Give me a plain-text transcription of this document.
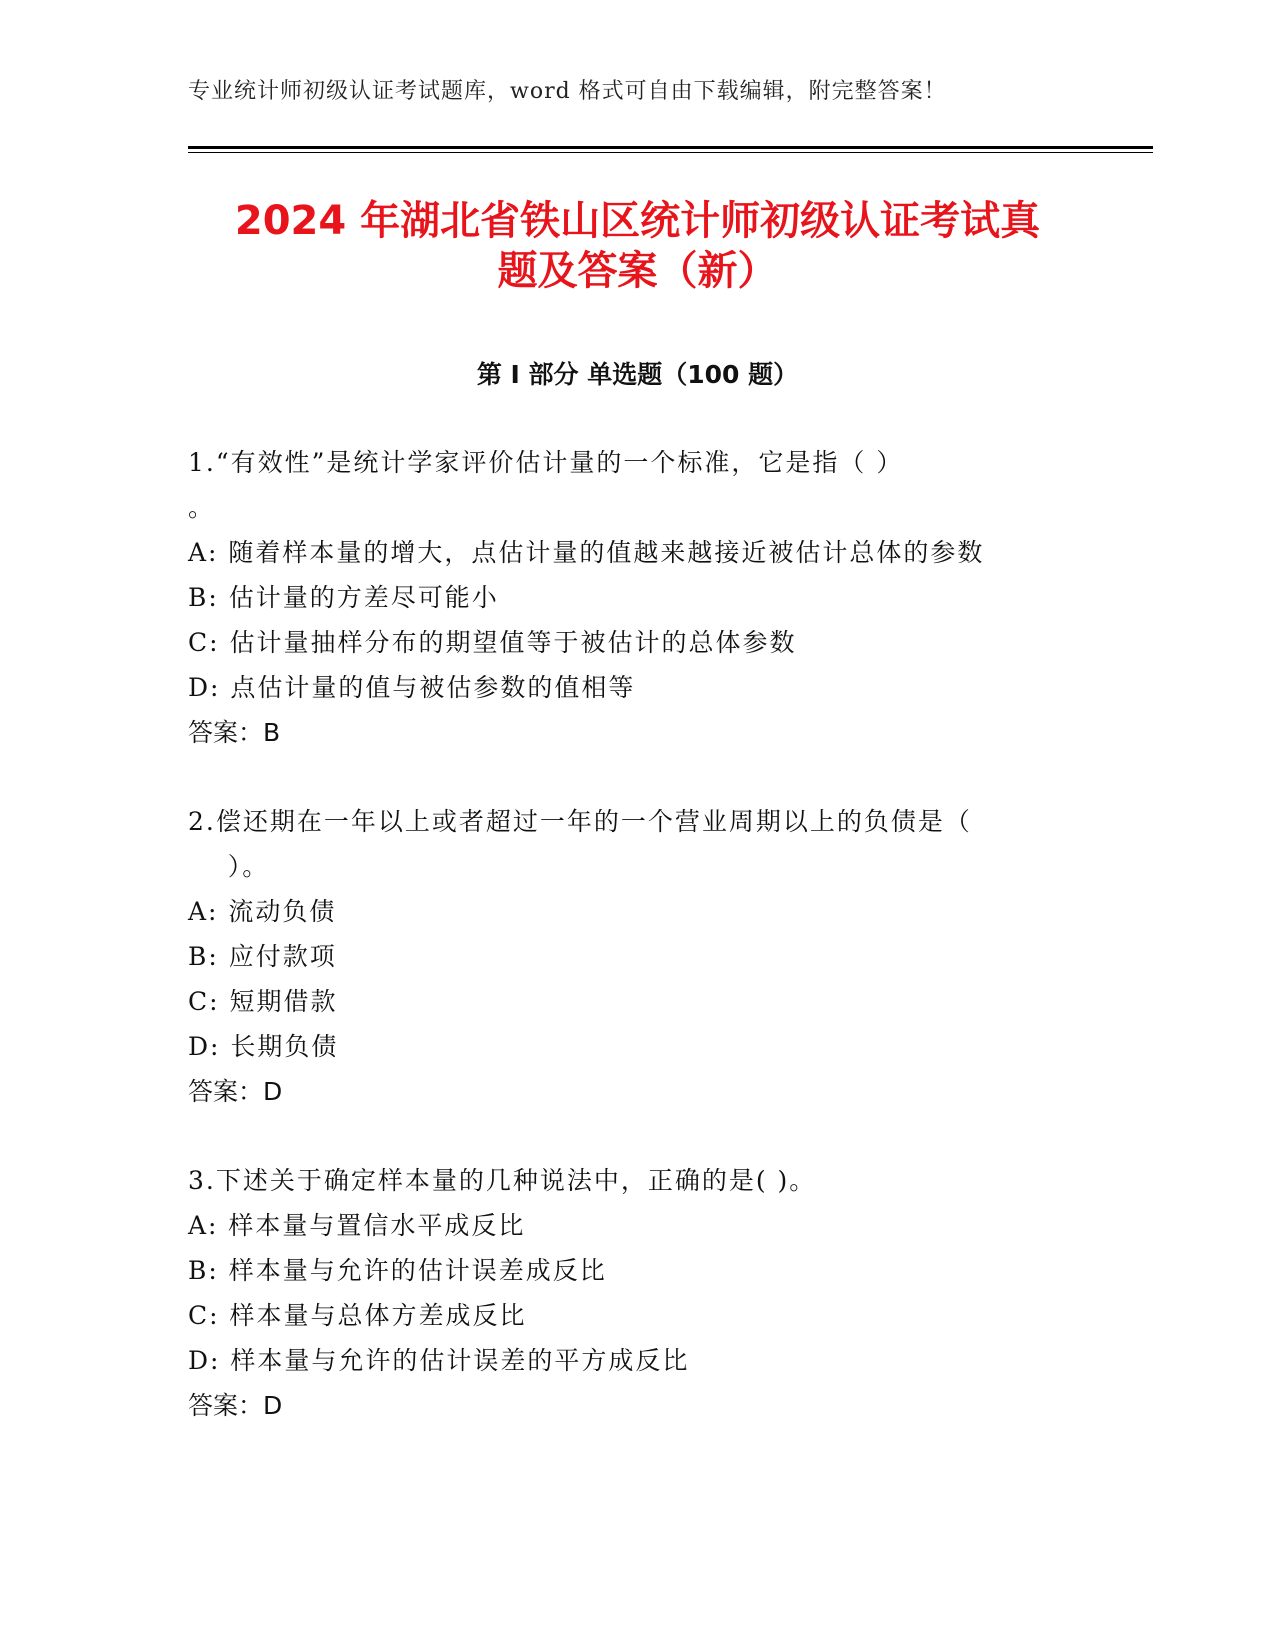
专业统计师初级认证考试题库，word 格式可自由下载编辑，附完整答案！
2024 年湖北省铁山区统计师初级认证考试真
题及答案（新）
第 I 部分 单选题（100 题）
1.“有效性”是统计学家评价估计量的一个标准，它是指（ ）
。
A: 随着样本量的增大，点估计量的值越来越接近被估计总体的参数
B: 估计量的方差尽可能小
C: 估计量抽样分布的期望值等于被估计的总体参数
D: 点估计量的值与被估参数的值相等
答案：B
2.偿还期在一年以上或者超过一年的一个营业周期以上的负债是（
）。
A: 流动负债
B: 应付款项
C: 短期借款
D: 长期负债
答案：D
3.下述关于确定样本量的几种说法中，正确的是( )。
A: 样本量与置信水平成反比
B: 样本量与允许的估计误差成反比
C: 样本量与总体方差成反比
D: 样本量与允许的估计误差的平方成反比
答案：D
